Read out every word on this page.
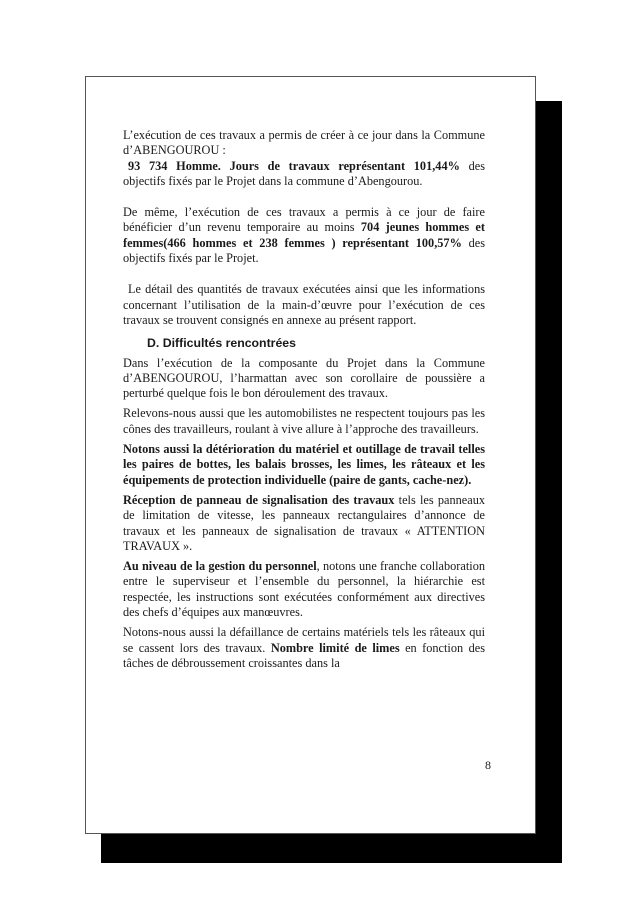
L’exécution de ces travaux a permis de créer à ce jour dans la Commune d’ABENGOUROU :

93 734 Homme. Jours de travaux représentant 101,44% des objectifs fixés par le Projet dans la commune d’Abengourou.

De même, l’exécution de ces travaux a permis à ce jour de faire bénéficier d’un revenu temporaire au moins 704 jeunes hommes et femmes(466 hommes et 238 femmes ) représentant 100,57% des objectifs fixés par le Projet.

Le détail des quantités de travaux exécutées ainsi que les informations concernant l’utilisation de la main-d’œuvre pour l’exécution de ces travaux se trouvent consignés en annexe au présent rapport.

D. Difficultés rencontrées

Dans l’exécution de la composante du Projet dans la Commune d’ABENGOUROU, l’harmattan avec son corollaire de poussière a perturbé quelque fois le bon déroulement des travaux.

Relevons-nous aussi que les automobilistes ne respectent toujours pas les cônes des travailleurs, roulant à vive allure à l’approche des travailleurs.

Notons aussi la détérioration du matériel et outillage de travail telles les paires de bottes, les balais brosses, les limes, les râteaux et les équipements de protection individuelle (paire de gants, cache-nez).

Réception de panneau de signalisation des travaux tels les panneaux de limitation de vitesse, les panneaux rectangulaires d’annonce de travaux et les panneaux de signalisation de travaux « ATTENTION TRAVAUX ».

Au niveau de la gestion du personnel, notons une franche collaboration entre le superviseur et l’ensemble du personnel, la hiérarchie est respectée, les instructions sont exécutées conformément aux directives des chefs d’équipes aux manœuvres.

Notons-nous aussi la défaillance de certains matériels tels les râteaux qui se cassent lors des travaux. Nombre limité de limes en fonction des tâches de débroussement croissantes dans la

8
